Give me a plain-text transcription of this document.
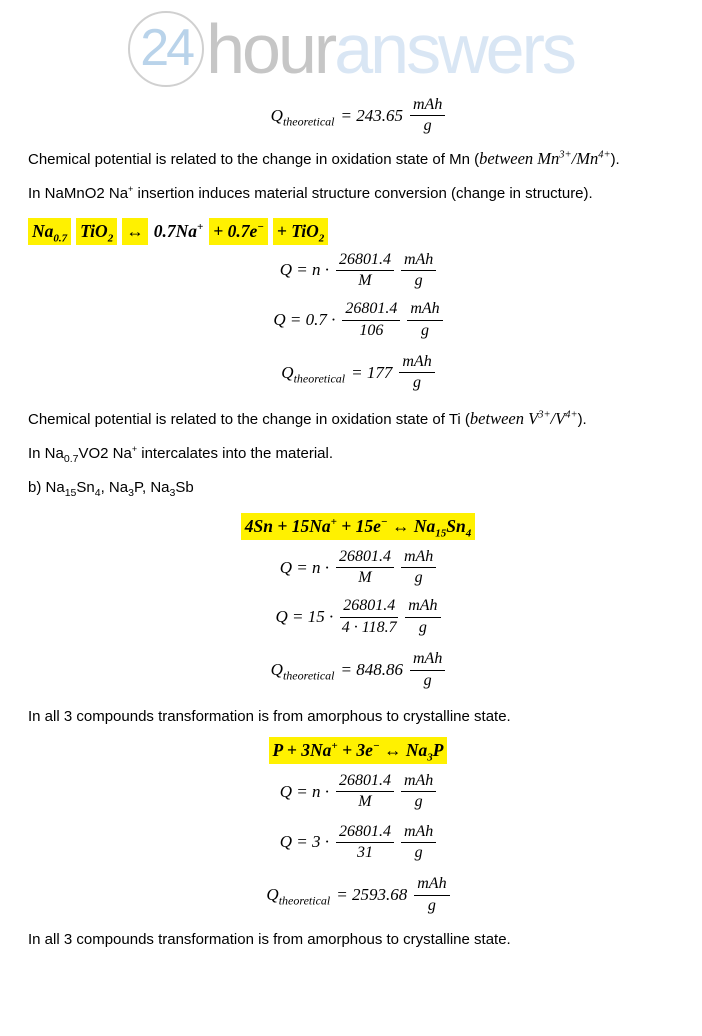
24 hour answers
$Q_{theoretical} = 243.65 \frac{\text{mAh}}{g}$

Chemical potential is related to the change in oxidation state of Mn (between $Mn^{3+}/Mn^{4+}$).

In NaMnO2 Na+ insertion induces material structure conversion (change in structure).

$Na_{0.7}$ TiO$_2$ ↔ 0.7Na+ + 0.7e− + TiO$_2$
$Q = n \cdot \frac{26801.4}{M} \frac{\text{mAh}}{g}$
$Q = 0.7 \cdot \frac{26801.4}{106} \frac{\text{mAh}}{g}$
$Q_{theoretical} = 177 \frac{\text{mAh}}{g}$

Chemical potential is related to the change in oxidation state of Ti (between $V^{3+}/V^{4+}$).

In $Na_{0.7}VO2$ Na+ intercalates into the material.

b) $Na_{15}Sn_4$, $Na_3P$, $Na_3Sb$

4Sn + 15Na+ + 15e− ↔ $Na_{15}Sn_4$
$Q = n \cdot \frac{26801.4}{M} \frac{\text{mAh}}{g}$
$Q = 15 \cdot \frac{26801.4}{4 \cdot 118.7} \frac{\text{mAh}}{g}$
$Q_{theoretical} = 848.86 \frac{\text{mAh}}{g}$

In all 3 compounds transformation is from amorphous to crystalline state.

P + 3Na+ + 3e− ↔ $Na_3P$
$Q = n \cdot \frac{26801.4}{M} \frac{\text{mAh}}{g}$
$Q = 3 \cdot \frac{26801.4}{31} \frac{\text{mAh}}{g}$
$Q_{theoretical} = 2593.68 \frac{\text{mAh}}{g}$

In all 3 compounds transformation is from amorphous to crystalline state.
